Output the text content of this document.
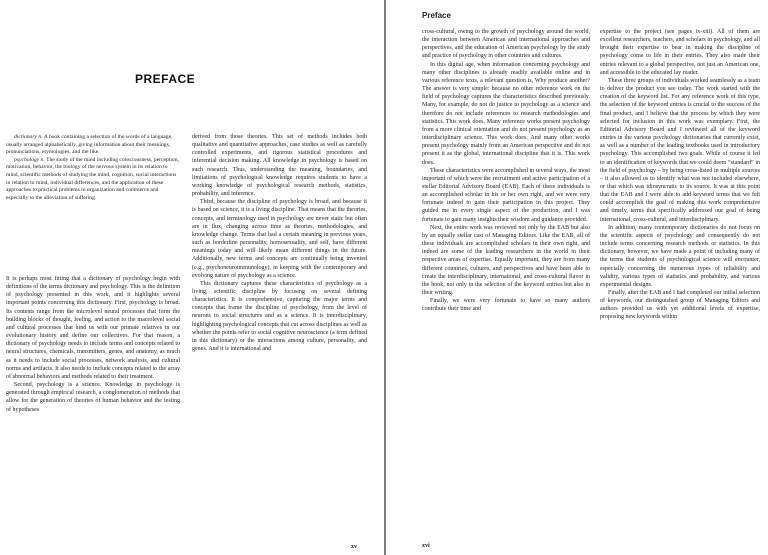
PREFACE

dictionary n. A book containing a selection of the words of a language, usually arranged alphabetically, giving information about their meanings, pronunciations, etymologies, and the like.

psychology n. The study of the mind including consciousness, perception, motivation, behavior, the biology of the nervous system in its relation to mind, scientific methods of studying the mind, cognition, social interactions in relation to mind, individual differences, and the application of these approaches to practical problems in organization and commerce and especially to the alleviation of suffering.

It is perhaps most fitting that a dictionary of psychology begin with definitions of the terms dictionary and psychology. This is the definition of psychology presented in this work, and it highlights several important points concerning this dictionary. First, psychology is broad. Its contents range from the microlevel neural processes that form the building blocks of thought, feeling, and action to the macrolevel social and cultural processes that bind us with our primate relatives in our evolutionary history and define our collectives. For that reason, a dictionary of psychology needs to include terms and concepts related to neural structures, chemicals, transmitters, genes, and anatomy, as much as it needs to include social processes, network analysis, and cultural norms and artifacts. It also needs to include concepts related to the array of abnormal behaviors and methods related to their treatment.

Second, psychology is a science. Knowledge in psychology is generated through empirical research, a conglomeration of methods that allow for the generation of theories of human behavior and the testing of hypotheses

derived from those theories. This set of methods includes both qualitative and quantitative approaches, case studies as well as carefully controlled experiments, and rigorous statistical procedures and inferential decision making. All knowledge in psychology is based on such research. Thus, understanding the meaning, boundaries, and limitations of psychological knowledge requires students to have a working knowledge of psychological research methods, statistics, probability, and inference.

Third, because the discipline of psychology is broad, and because it is based on science, it is a living discipline. That means that the theories, concepts, and terminology used in psychology are never static but often are in flux, changing across time as theories, methodologies, and knowledge change. Terms that had a certain meaning in previous years, such as borderline personality, homosexuality, and self, have different meanings today and will likely mean different things in the future. Additionally, new terms and concepts are continually being invented (e.g., psychoneuroimmunology), in keeping with the contemporary and evolving nature of psychology as a science.

This dictionary captures these characteristics of psychology as a living, scientific discipline by focusing on several defining characteristics. It is comprehensive, capturing the major terms and concepts that frame the discipline of psychology, from the level of neurons to social structures and as a science. It is interdisciplinary, highlighting psychological concepts that cut across disciplines as well as whether the points refer to social cognitive neuroscience (a term defined in this dictionary) or the interactions among culture, personality, and genes. And it is international and

xv
Preface

cross-cultural, owing to the growth of psychology around the world, the interaction between American and international approaches and perspectives, and the education of American psychology by the study and practice of psychology in other countries and cultures.

In this digital age, when information concerning psychology and many other disciplines is already readily available online and in various reference texts, a relevant question is, Why produce another? The answer is very simple: because no other reference work on the field of psychology captures the characteristics described previously. Many, for example, do not do justice to psychology as a science and therefore do not include references to research methodologies and statistics. This work does. Many reference works present psychology from a more clinical orientation and do not present psychology as an interdisciplinary science. This work does. And many other works present psychology mainly from an American perspective and do not present it as the global, international discipline that it is. This work does.

These characteristics were accomplished in several ways, the most important of which were the recruitment and active participation of a stellar Editorial Advisory Board (EAB). Each of these individuals is an accomplished scholar in his or her own right, and we were very fortunate indeed to gain their participation in this project. They guided me in every single aspect of the production, and I was fortunate to gain many insights their wisdom and guidance provided.

Next, the entire work was reviewed not only by the EAB but also by an equally stellar cast of Managing Editors. Like the EAB, all of these individuals are accomplished scholars in their own right, and indeed are some of the leading researchers in the world in their respective areas of expertise. Equally important, they are from many different countries, cultures, and perspectives and have been able to create the interdisciplinary, international, and cross-cultural flavor in the book, not only in the selection of the keyword entries but also in their writing.

Finally, we were very fortunate to have so many authors contribute their time and

expertise to the project (see pages ix-xiii). All of them are excellent researchers, teachers, and scholars in psychology, and all brought their expertise to bear in making the discipline of psychology come to life in their entries. They also made their entries relevant to a global perspective, not just an American one, and accessible to the educated lay reader.

These three groups of individuals worked seamlessly as a team to deliver the product you see today. The work started with the creation of the keyword list. For any reference work of this type, the selection of the keyword entries is crucial to the success of the final product, and I believe that the process by which they were selected for inclusion in this work was exemplary. First, the Editorial Advisory Board and I reviewed all of the keyword entries in the various psychology dictionaries that currently exist, as well as a number of the leading textbooks used in introductory psychology. This accomplished two goals. While of course it led to an identification of keywords that we could deem “standard” in the field of psychology – by being cross-listed in multiple sources – it also allowed us to identify what was not included elsewhere, or that which was idiosyncratic to its source. It was at this point that the EAB and I were able to add keyword terms that we felt could accomplish the goal of making this work comprehensive and timely, terms that specifically addressed our goal of being international, cross-cultural, and interdisciplinary.

In addition, many contemporary dictionaries do not focus on the scientific aspects of psychology and consequently do not include terms concerning research methods or statistics. In this dictionary, however, we have made a point of including many of the terms that students of psychological science will encounter, especially concerning the numerous types of reliability and validity, various types of statistics and probability, and various experimental designs.

Finally, after the EAB and I had completed our initial selection of keywords, our distinguished group of Managing Editors and authors provided us with yet additional levels of expertise, proposing new keywords within

xvi
